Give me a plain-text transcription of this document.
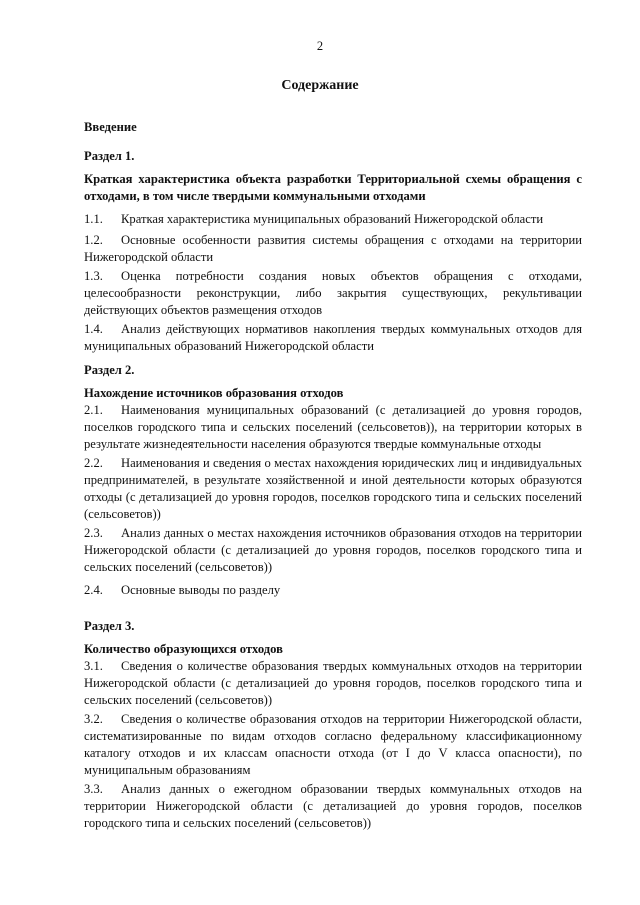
2
Содержание
Введение
Раздел 1.
Краткая характеристика объекта разработки Территориальной схемы обращения с отходами, в том числе твердыми коммунальными отходами
1.1. Краткая характеристика муниципальных образований Нижегородской области
1.2. Основные особенности развития системы обращения с отходами на территории Нижегородской области
1.3. Оценка потребности создания новых объектов обращения с отходами, целесообразности реконструкции, либо закрытия существующих, рекультивации действующих объектов размещения отходов
1.4. Анализ действующих нормативов накопления твердых коммунальных отходов для муниципальных образований Нижегородской области
Раздел 2.
Нахождение источников образования отходов
2.1. Наименования муниципальных образований (с детализацией до уровня городов, поселков городского типа и сельских поселений (сельсоветов)), на территории которых в результате жизнедеятельности населения образуются твердые коммунальные отходы
2.2. Наименования и сведения о местах нахождения юридических лиц и индивидуальных предпринимателей, в результате хозяйственной и иной деятельности которых образуются отходы (с детализацией до уровня городов, поселков городского типа и сельских поселений (сельсоветов))
2.3. Анализ данных о местах нахождения источников образования отходов на территории Нижегородской области (с детализацией до уровня городов, поселков городского типа и сельских поселений (сельсоветов))
2.4. Основные выводы по разделу
Раздел 3.
Количество образующихся отходов
3.1. Сведения о количестве образования твердых коммунальных отходов на территории Нижегородской области (с детализацией до уровня городов, поселков городского типа и сельских поселений (сельсоветов))
3.2. Сведения о количестве образования отходов на территории Нижегородской области, систематизированные по видам отходов согласно федеральному классификационному каталогу отходов и их классам опасности отхода (от I до V класса опасности), по муниципальным образованиям
3.3. Анализ данных о ежегодном образовании твердых коммунальных отходов на территории Нижегородской области (с детализацией до уровня городов, поселков городского типа и сельских поселений (сельсоветов))
